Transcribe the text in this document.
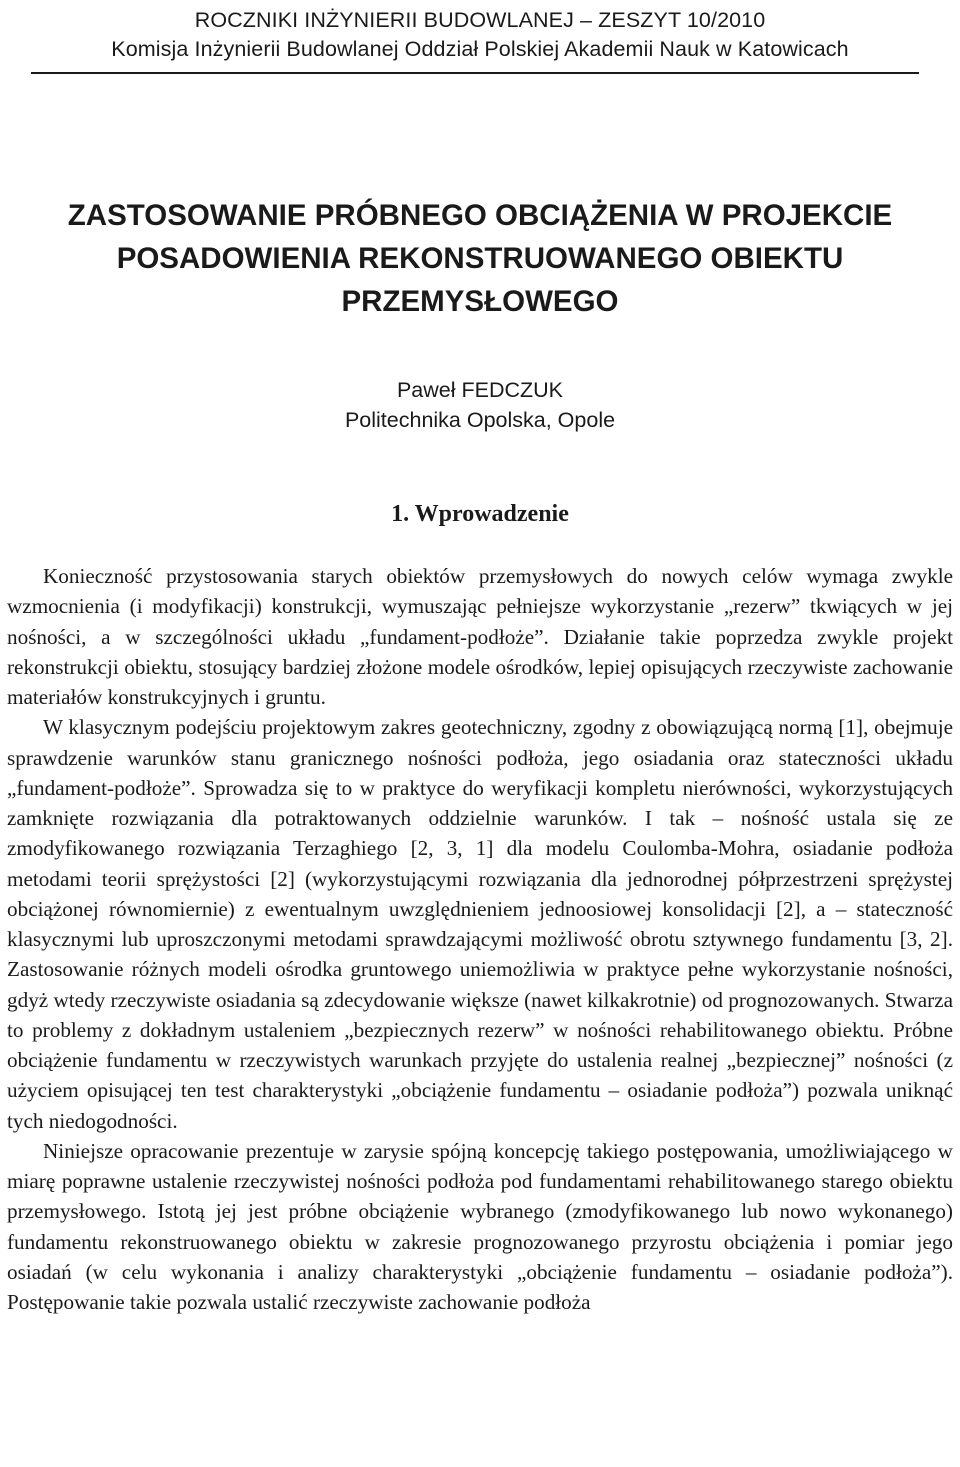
ROCZNIKI INŻYNIERII BUDOWLANEJ – ZESZYT 10/2010

Komisja Inżynierii Budowlanej Oddział Polskiej Akademii Nauk w Katowicach

ZASTOSOWANIE PRÓBNEGO OBCIĄŻENIA W PROJEKCIE

POSADOWIENIA REKONSTRUOWANEGO OBIEKTU

PRZEMYSŁOWEGO

Paweł FEDCZUK

Politechnika Opolska, Opole

1. Wprowadzenie

Konieczność przystosowania starych obiektów przemysłowych do nowych celów wymaga zwykle wzmocnienia (i modyfikacji) konstrukcji, wymuszając pełniejsze wykorzystanie „rezerw” tkwiących w jej nośności, a w szczególności układu „fundament-podłoże”. Działanie takie poprzedza zwykle projekt rekonstrukcji obiektu, stosujący bardziej złożone modele ośrodków, lepiej opisujących rzeczywiste zachowanie materiałów konstrukcyjnych i gruntu.

W klasycznym podejściu projektowym zakres geotechniczny, zgodny z obowiązującą normą [1], obejmuje sprawdzenie warunków stanu granicznego nośności podłoża, jego osiadania oraz stateczności układu „fundament-podłoże”. Sprowadza się to w praktyce do weryfikacji kompletu nierówności, wykorzystujących zamknięte rozwiązania dla potraktowanych oddzielnie warunków. I tak – nośność ustala się ze zmodyfikowanego rozwiązania Terzaghiego [2, 3, 1] dla modelu Coulomba-Mohra, osiadanie podłoża metodami teorii sprężystości [2] (wykorzystującymi rozwiązania dla jednorodnej półprzestrzeni sprężystej obciążonej równomiernie) z ewentualnym uwzględnieniem jednoosiowej konsolidacji [2], a – stateczność klasycznymi lub uproszczonymi metodami sprawdzającymi możliwość obrotu sztywnego fundamentu [3, 2]. Zastosowanie różnych modeli ośrodka gruntowego uniemożliwia w praktyce pełne wykorzystanie nośności, gdyż wtedy rzeczywiste osiadania są zdecydowanie większe (nawet kilkakrotnie) od prognozowanych. Stwarza to problemy z dokładnym ustaleniem „bezpiecznych rezerw” w nośności rehabilitowanego obiektu. Próbne obciążenie fundamentu w rzeczywistych warunkach przyjęte do ustalenia realnej „bezpiecznej” nośności (z użyciem opisującej ten test charakterystyki „obciążenie fundamentu – osiadanie podłoża”) pozwala uniknąć tych niedogodności.

Niniejsze opracowanie prezentuje w zarysie spójną koncepcję takiego postępowania, umożliwiającego w miarę poprawne ustalenie rzeczywistej nośności podłoża pod fundamentami rehabilitowanego starego obiektu przemysłowego. Istotą jej jest próbne obciążenie wybranego (zmodyfikowanego lub nowo wykonanego) fundamentu rekonstruowanego obiektu w zakresie prognozowanego przyrostu obciążenia i pomiar jego osiadań (w celu wykonania i analizy charakterystyki „obciążenie fundamentu – osiadanie podłoża”). Postępowanie takie pozwala ustalić rzeczywiste zachowanie podłoża
